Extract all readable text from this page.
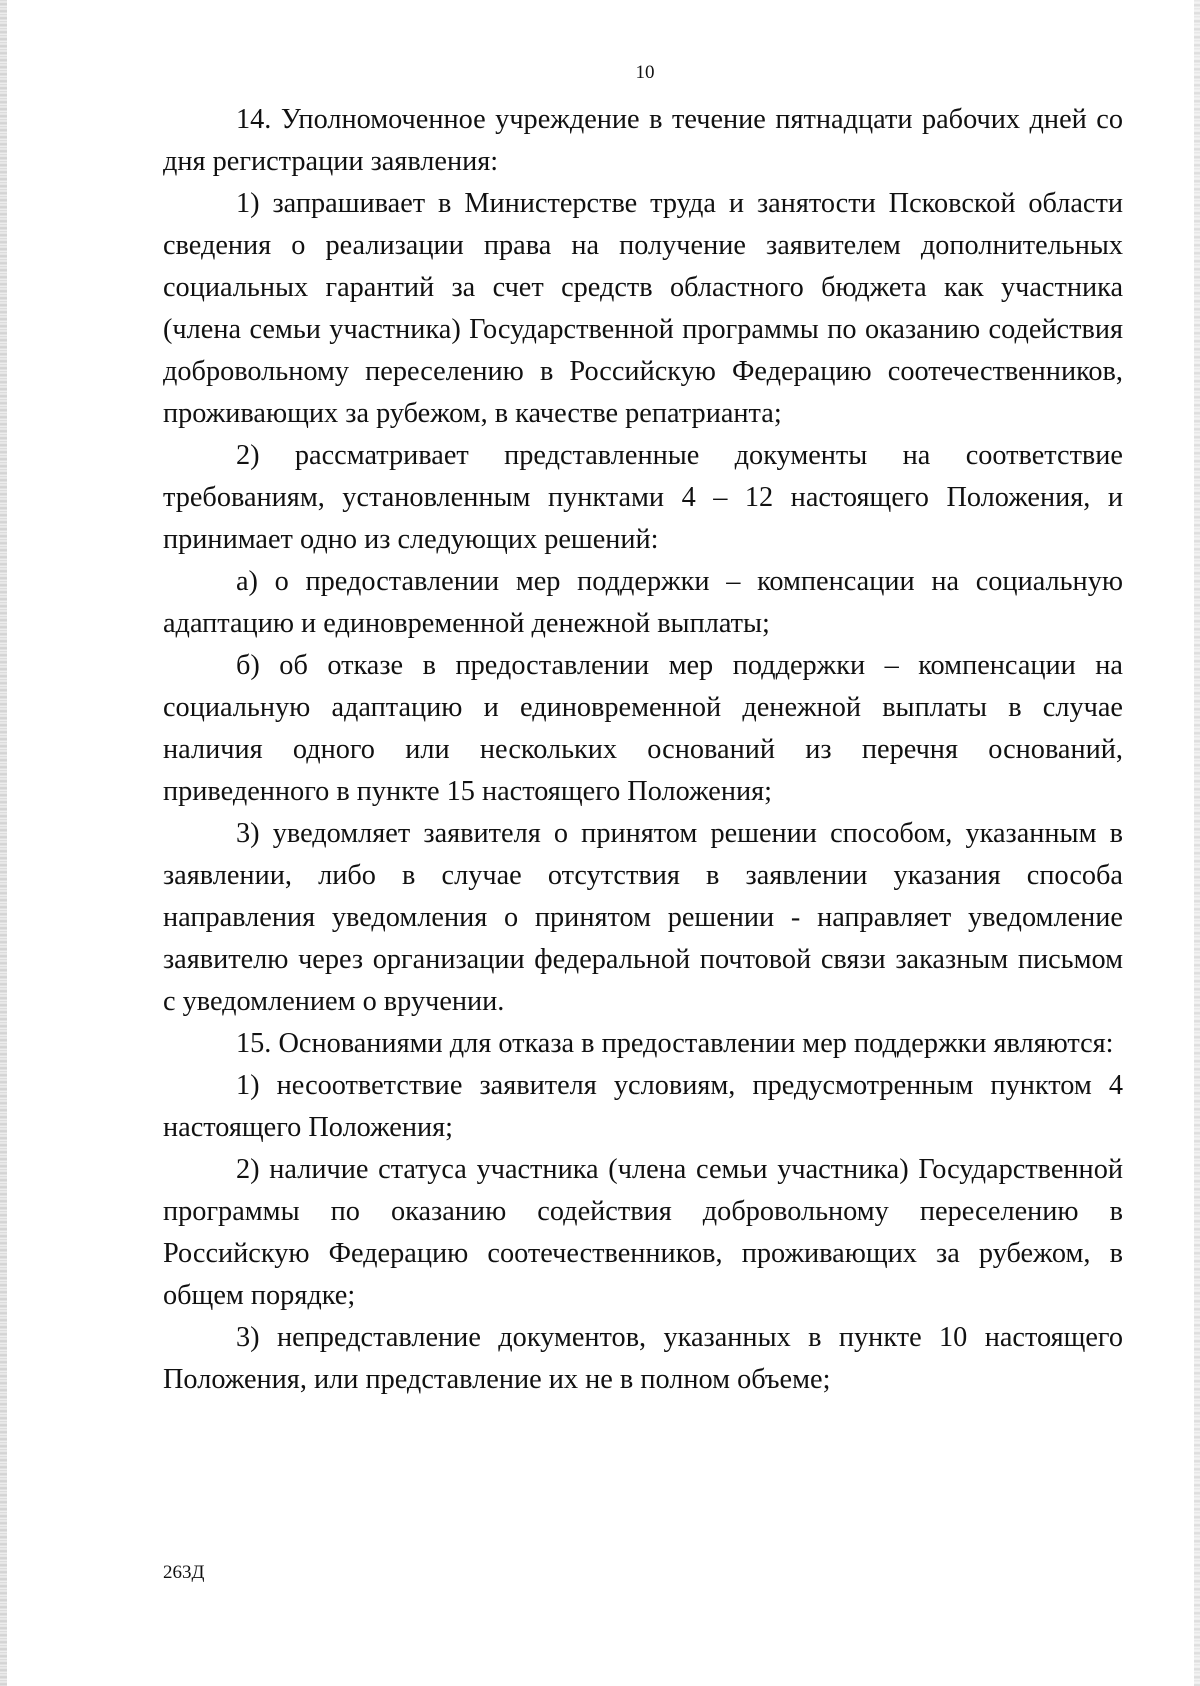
10

14. Уполномоченное учреждение в течение пятнадцати рабочих дней со дня регистрации заявления:

1) запрашивает в Министерстве труда и занятости Псковской области сведения о реализации права на получение заявителем дополнительных социальных гарантий за счет средств областного бюджета как участника (члена семьи участника) Государственной программы по оказанию содействия добровольному переселению в Российскую Федерацию соотечественников, проживающих за рубежом, в качестве репатрианта;

2) рассматривает представленные документы на соответствие требованиям, установленным пунктами 4 – 12 настоящего Положения, и принимает одно из следующих решений:

а) о предоставлении мер поддержки – компенсации на социальную адаптацию и единовременной денежной выплаты;

б) об отказе в предоставлении мер поддержки – компенсации на социальную адаптацию и единовременной денежной выплаты в случае наличия одного или нескольких оснований из перечня оснований, приведенного в пункте 15 настоящего Положения;

3) уведомляет заявителя о принятом решении способом, указанным в заявлении, либо в случае отсутствия в заявлении указания способа направления уведомления о принятом решении - направляет уведомление заявителю через организации федеральной почтовой связи заказным письмом с уведомлением о вручении.

15. Основаниями для отказа в предоставлении мер поддержки являются:

1) несоответствие заявителя условиям, предусмотренным пунктом 4 настоящего Положения;

2) наличие статуса участника (члена семьи участника) Государственной программы по оказанию содействия добровольному переселению в Российскую Федерацию соотечественников, проживающих за рубежом, в общем порядке;

3) непредставление документов, указанных в пункте 10 настоящего Положения, или представление их не в полном объеме;

263Д
